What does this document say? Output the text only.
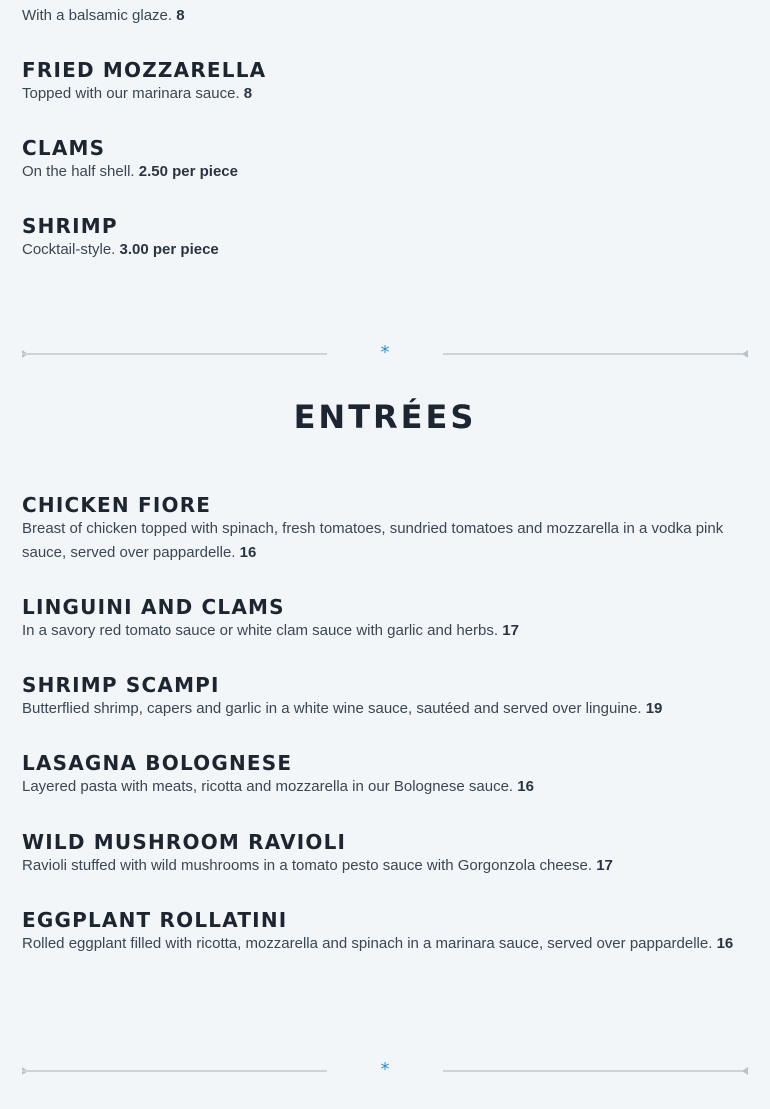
With a balsamic glaze. 8
FRIED MOZZARELLA
Topped with our marinara sauce. 8
CLAMS
On the half shell. 2.50 per piece
SHRIMP
Cocktail-style. 3.00 per piece
*
ENTRÉES
CHICKEN FIORE
Breast of chicken topped with spinach, fresh tomatoes, sundried tomatoes and mozzarella in a vodka pink sauce, served over pappardelle. 16
LINGUINI AND CLAMS
In a savory red tomato sauce or white clam sauce with garlic and herbs. 17
SHRIMP SCAMPI
Butterflied shrimp, capers and garlic in a white wine sauce, sautéed and served over linguine. 19
LASAGNA BOLOGNESE
Layered pasta with meats, ricotta and mozzarella in our Bolognese sauce. 16
WILD MUSHROOM RAVIOLI
Ravioli stuffed with wild mushrooms in a tomato pesto sauce with Gorgonzola cheese. 17
EGGPLANT ROLLATINI
Rolled eggplant filled with ricotta, mozzarella and spinach in a marinara sauce, served over pappardelle. 16
*
